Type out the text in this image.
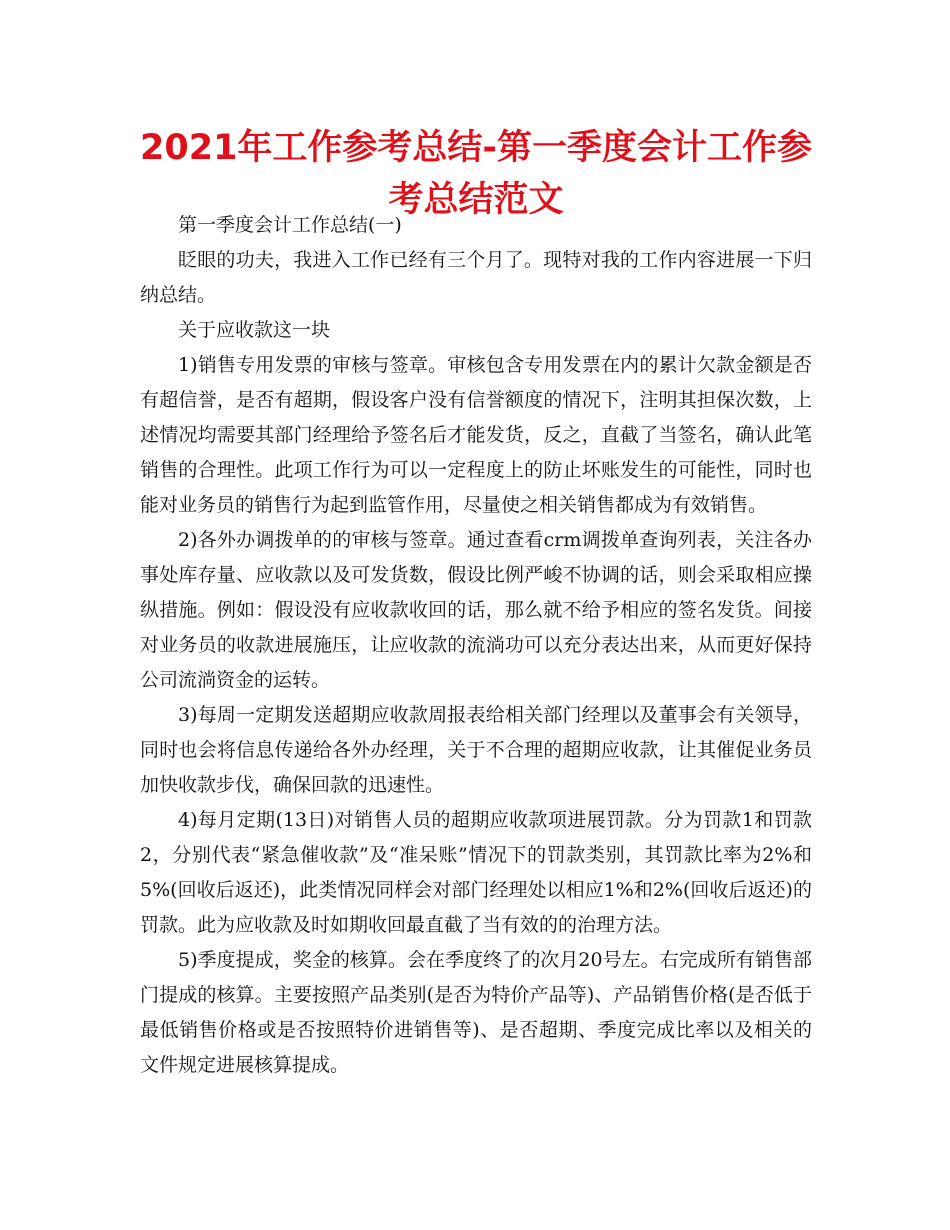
2021年工作参考总结-第一季度会计工作参考总结范文

第一季度会计工作总结(一)

眨眼的功夫，我进入工作已经有三个月了。现特对我的工作内容进展一下归纳总结。

关于应收款这一块

1)销售专用发票的审核与签章。审核包含专用发票在内的累计欠款金额是否有超信誉，是否有超期，假设客户没有信誉额度的情况下，注明其担保次数，上述情况均需要其部门经理给予签名后才能发货，反之，直截了当签名，确认此笔销售的合理性。此项工作行为可以一定程度上的防止坏账发生的可能性，同时也能对业务员的销售行为起到监管作用，尽量使之相关销售都成为有效销售。

2)各外办调拨单的的审核与签章。通过查看crm调拨单查询列表，关注各办事处库存量、应收款以及可发货数，假设比例严峻不协调的话，则会采取相应操纵措施。例如：假设没有应收款收回的话，那么就不给予相应的签名发货。间接对业务员的收款进展施压，让应收款的流淌功可以充分表达出来，从而更好保持公司流淌资金的运转。

3)每周一定期发送超期应收款周报表给相关部门经理以及董事会有关领导，同时也会将信息传递给各外办经理，关于不合理的超期应收款，让其催促业务员加快收款步伐，确保回款的迅速性。

4)每月定期(13日)对销售人员的超期应收款项进展罚款。分为罚款1和罚款2，分别代表“紧急催收款”及“准呆账”情况下的罚款类别，其罚款比率为2%和5%(回收后返还)，此类情况同样会对部门经理处以相应1%和2%(回收后返还)的罚款。此为应收款及时如期收回最直截了当有效的的治理方法。

5)季度提成，奖金的核算。会在季度终了的次月20号左。右完成所有销售部门提成的核算。主要按照产品类别(是否为特价产品等)、产品销售价格(是否低于最低销售价格或是否按照特价进销售等)、是否超期、季度完成比率以及相关的文件规定进展核算提成。
